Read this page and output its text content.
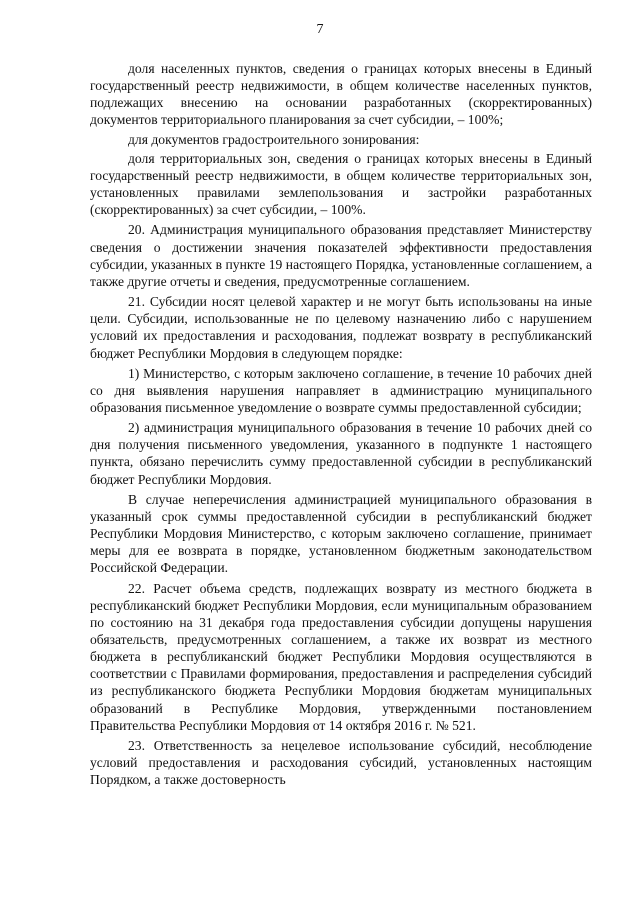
7

доля населенных пунктов, сведения о границах которых внесены в Единый государственный реестр недвижимости, в общем количестве населенных пунктов, подлежащих внесению на основании разработанных (скорректированных) документов территориального планирования за счет субсидии, – 100%;

для документов градостроительного зонирования:

доля территориальных зон, сведения о границах которых внесены в Единый государственный реестр недвижимости, в общем количестве территориальных зон, установленных правилами землепользования и застройки разработанных (скорректированных) за счет субсидии, – 100%.

20. Администрация муниципального образования представляет Министерству сведения о достижении значения показателей эффективности предоставления субсидии, указанных в пункте 19 настоящего Порядка, установленные соглашением, а также другие отчеты и сведения, предусмотренные соглашением.

21. Субсидии носят целевой характер и не могут быть использованы на иные цели. Субсидии, использованные не по целевому назначению либо с нарушением условий их предоставления и расходования, подлежат возврату в республиканский бюджет Республики Мордовия в следующем порядке:

1) Министерство, с которым заключено соглашение, в течение 10 рабочих дней со дня выявления нарушения направляет в администрацию муниципального образования письменное уведомление о возврате суммы предоставленной субсидии;

2) администрация муниципального образования в течение 10 рабочих дней со дня получения письменного уведомления, указанного в подпункте 1 настоящего пункта, обязано перечислить сумму предоставленной субсидии в республиканский бюджет Республики Мордовия.

В случае неперечисления администрацией муниципального образования в указанный срок суммы предоставленной субсидии в республиканский бюджет Республики Мордовия Министерство, с которым заключено соглашение, принимает меры для ее возврата в порядке, установленном бюджетным законодательством Российской Федерации.

22. Расчет объема средств, подлежащих возврату из местного бюджета в республиканский бюджет Республики Мордовия, если муниципальным образованием по состоянию на 31 декабря года предоставления субсидии допущены нарушения обязательств, предусмотренных соглашением, а также их возврат из местного бюджета в республиканский бюджет Республики Мордовия осуществляются в соответствии с Правилами формирования, предоставления и распределения субсидий из республиканского бюджета Республики Мордовия бюджетам муниципальных образований в Республике Мордовия, утвержденными постановлением Правительства Республики Мордовия от 14 октября 2016 г. № 521.

23. Ответственность за нецелевое использование субсидий, несоблюдение условий предоставления и расходования субсидий, установленных настоящим Порядком, а также достоверность
